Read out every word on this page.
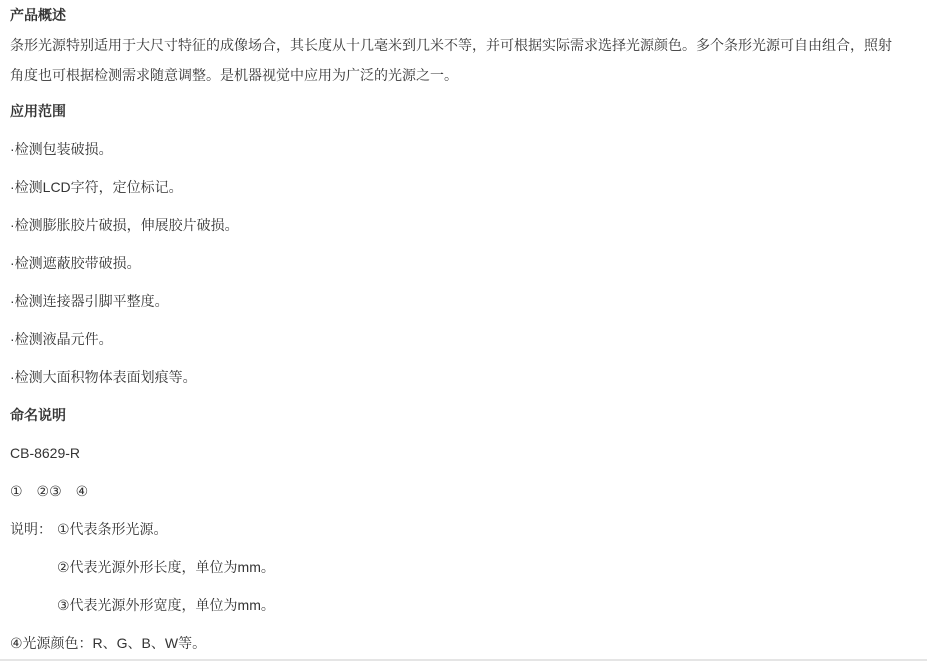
产品概述

条形光源特别适用于大尺寸特征的成像场合，其长度从十几毫米到几米不等，并可根据实际需求选择光源颜色。多个条形光源可自由组合，照射角度也可根据检测需求随意调整。是机器视觉中应用为广泛的光源之一。

应用范围

·检测包装破损。

·检测LCD字符，定位标记。

·检测膨胀胶片破损，伸展胶片破损。

·检测遮蔽胶带破损。

·检测连接器引脚平整度。

·检测液晶元件。

·检测大面积物体表面划痕等。

命名说明

CB-8629-R

①　②③　④

说明： ①代表条形光源。

②代表光源外形长度，单位为mm。

③代表光源外形宽度，单位为mm。

④光源颜色：R、G、B、W等。
